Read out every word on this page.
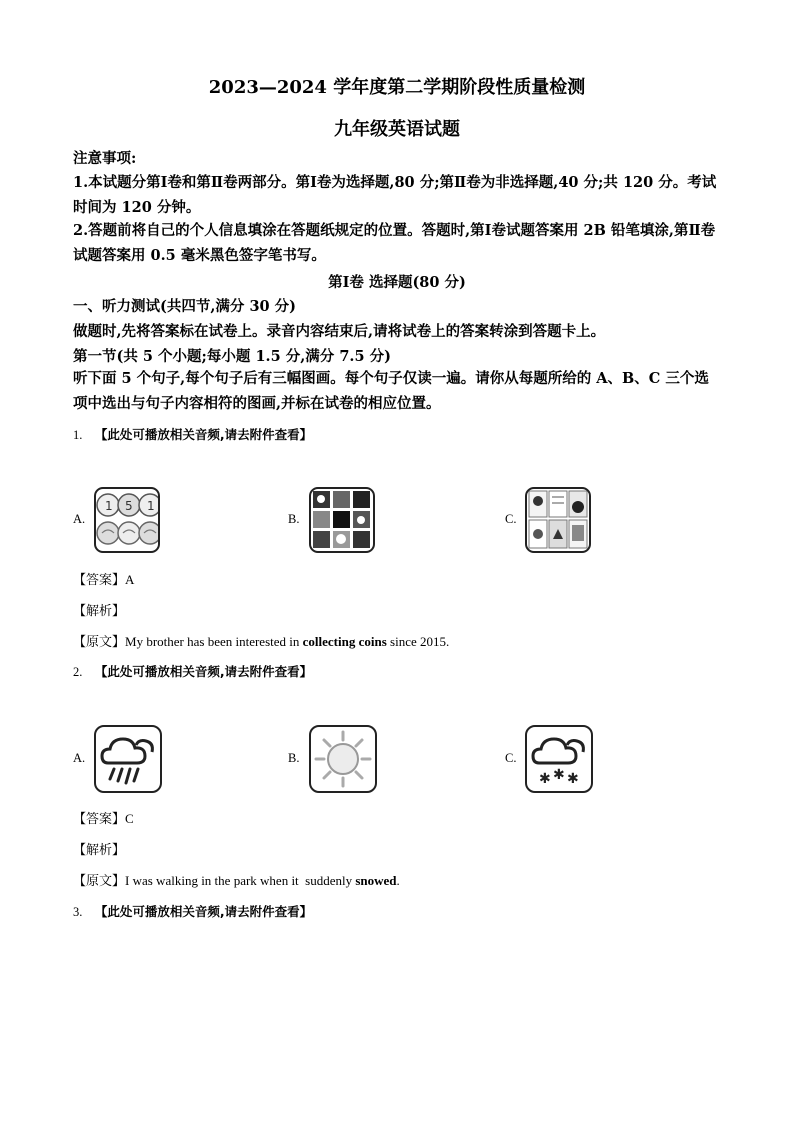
2023—2024 学年度第二学期阶段性质量检测
九年级英语试题
注意事项:
1.本试题分第Ⅰ卷和第Ⅱ卷两部分。第Ⅰ卷为选择题,80 分;第Ⅱ卷为非选择题,40 分;共 120 分。考试时间为 120 分钟。
2.答题前将自己的个人信息填涂在答题纸规定的位置。答题时,第Ⅰ卷试题答案用 2B 铅笔填涂,第Ⅱ卷试题答案用 0.5 毫米黑色签字笔书写。
第Ⅰ卷 选择题(80 分)
一、听力测试(共四节,满分 30 分)
做题时,先将答案标在试卷上。录音内容结束后,请将试卷上的答案转涂到答题卡上。
第一节(共 5 个小题;每小题 1.5 分,满分 7.5 分)
听下面 5 个句子,每个句子后有三幅图画。每个句子仅读一遍。请你从每题所给的 A、B、C 三个选项中选出与句子内容相符的图画,并标在试卷的相应位置。
1. 【此处可播放相关音频,请去附件查看】
A.
1 5 1
B.	C.
【答案】A
【解析】
【原文】My brother has been interested in collecting coins since 2015.
2. 【此处可播放相关音频,请去附件查看】
A.	B.	C.
✱ ✱ ✱
【答案】C
【解析】
【原文】I was walking in the park when it  suddenly snowed.
3. 【此处可播放相关音频,请去附件查看】
